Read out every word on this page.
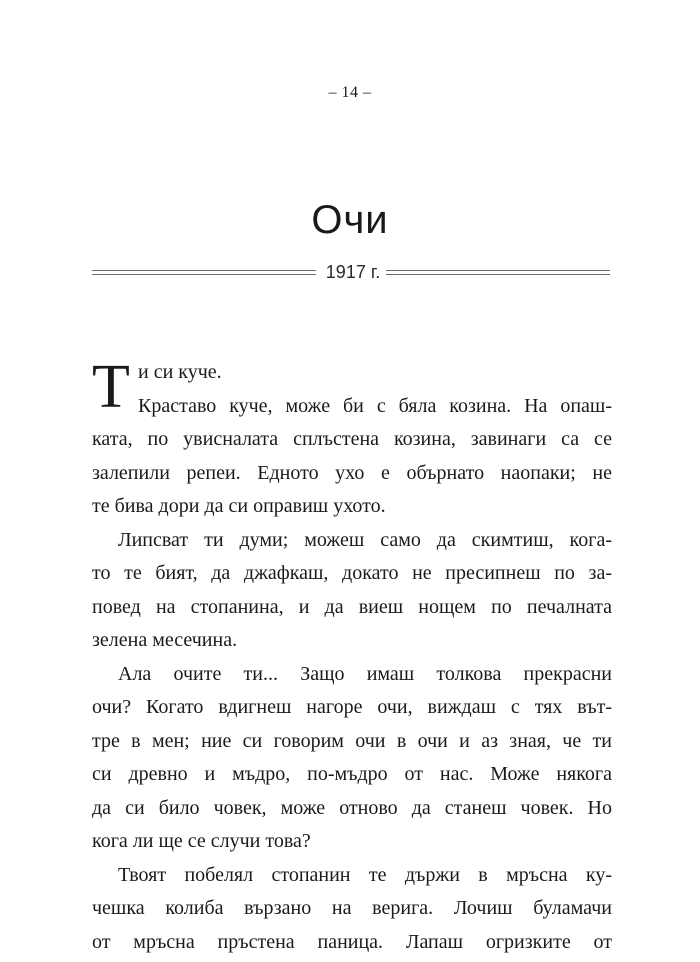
– 14 –
Очи
1917 г.
Т и си куче.
Краставо куче, може би с бяла козина. На опаш-
ката, по увисналата сплъстена козина, завинаги са се
залепили репеи. Едното ухо е обърнато наопаки; не
те бива дори да си оправиш ухото.
Липсват ти думи; можеш само да скимтиш, кога-
то те бият, да джафкаш, докато не пресипнеш по за-
повед на стопанина, и да виеш нощем по печалната
зелена месечина.
Ала очите ти... Защо имаш толкова прекрасни
очи? Когато вдигнеш нагоре очи, виждаш с тях вът-
тре в мен; ние си говорим очи в очи и аз зная, че ти
си древно и мъдро, по-мъдро от нас. Може някога
да си било човек, може отново да станеш човек. Но
кога ли ще се случи това?
Твоят побелял стопанин те държи в мръсна ку-
чешка колиба вързано на верига. Лочиш буламачи
от мръсна пръстена паница. Лапаш огризките от
